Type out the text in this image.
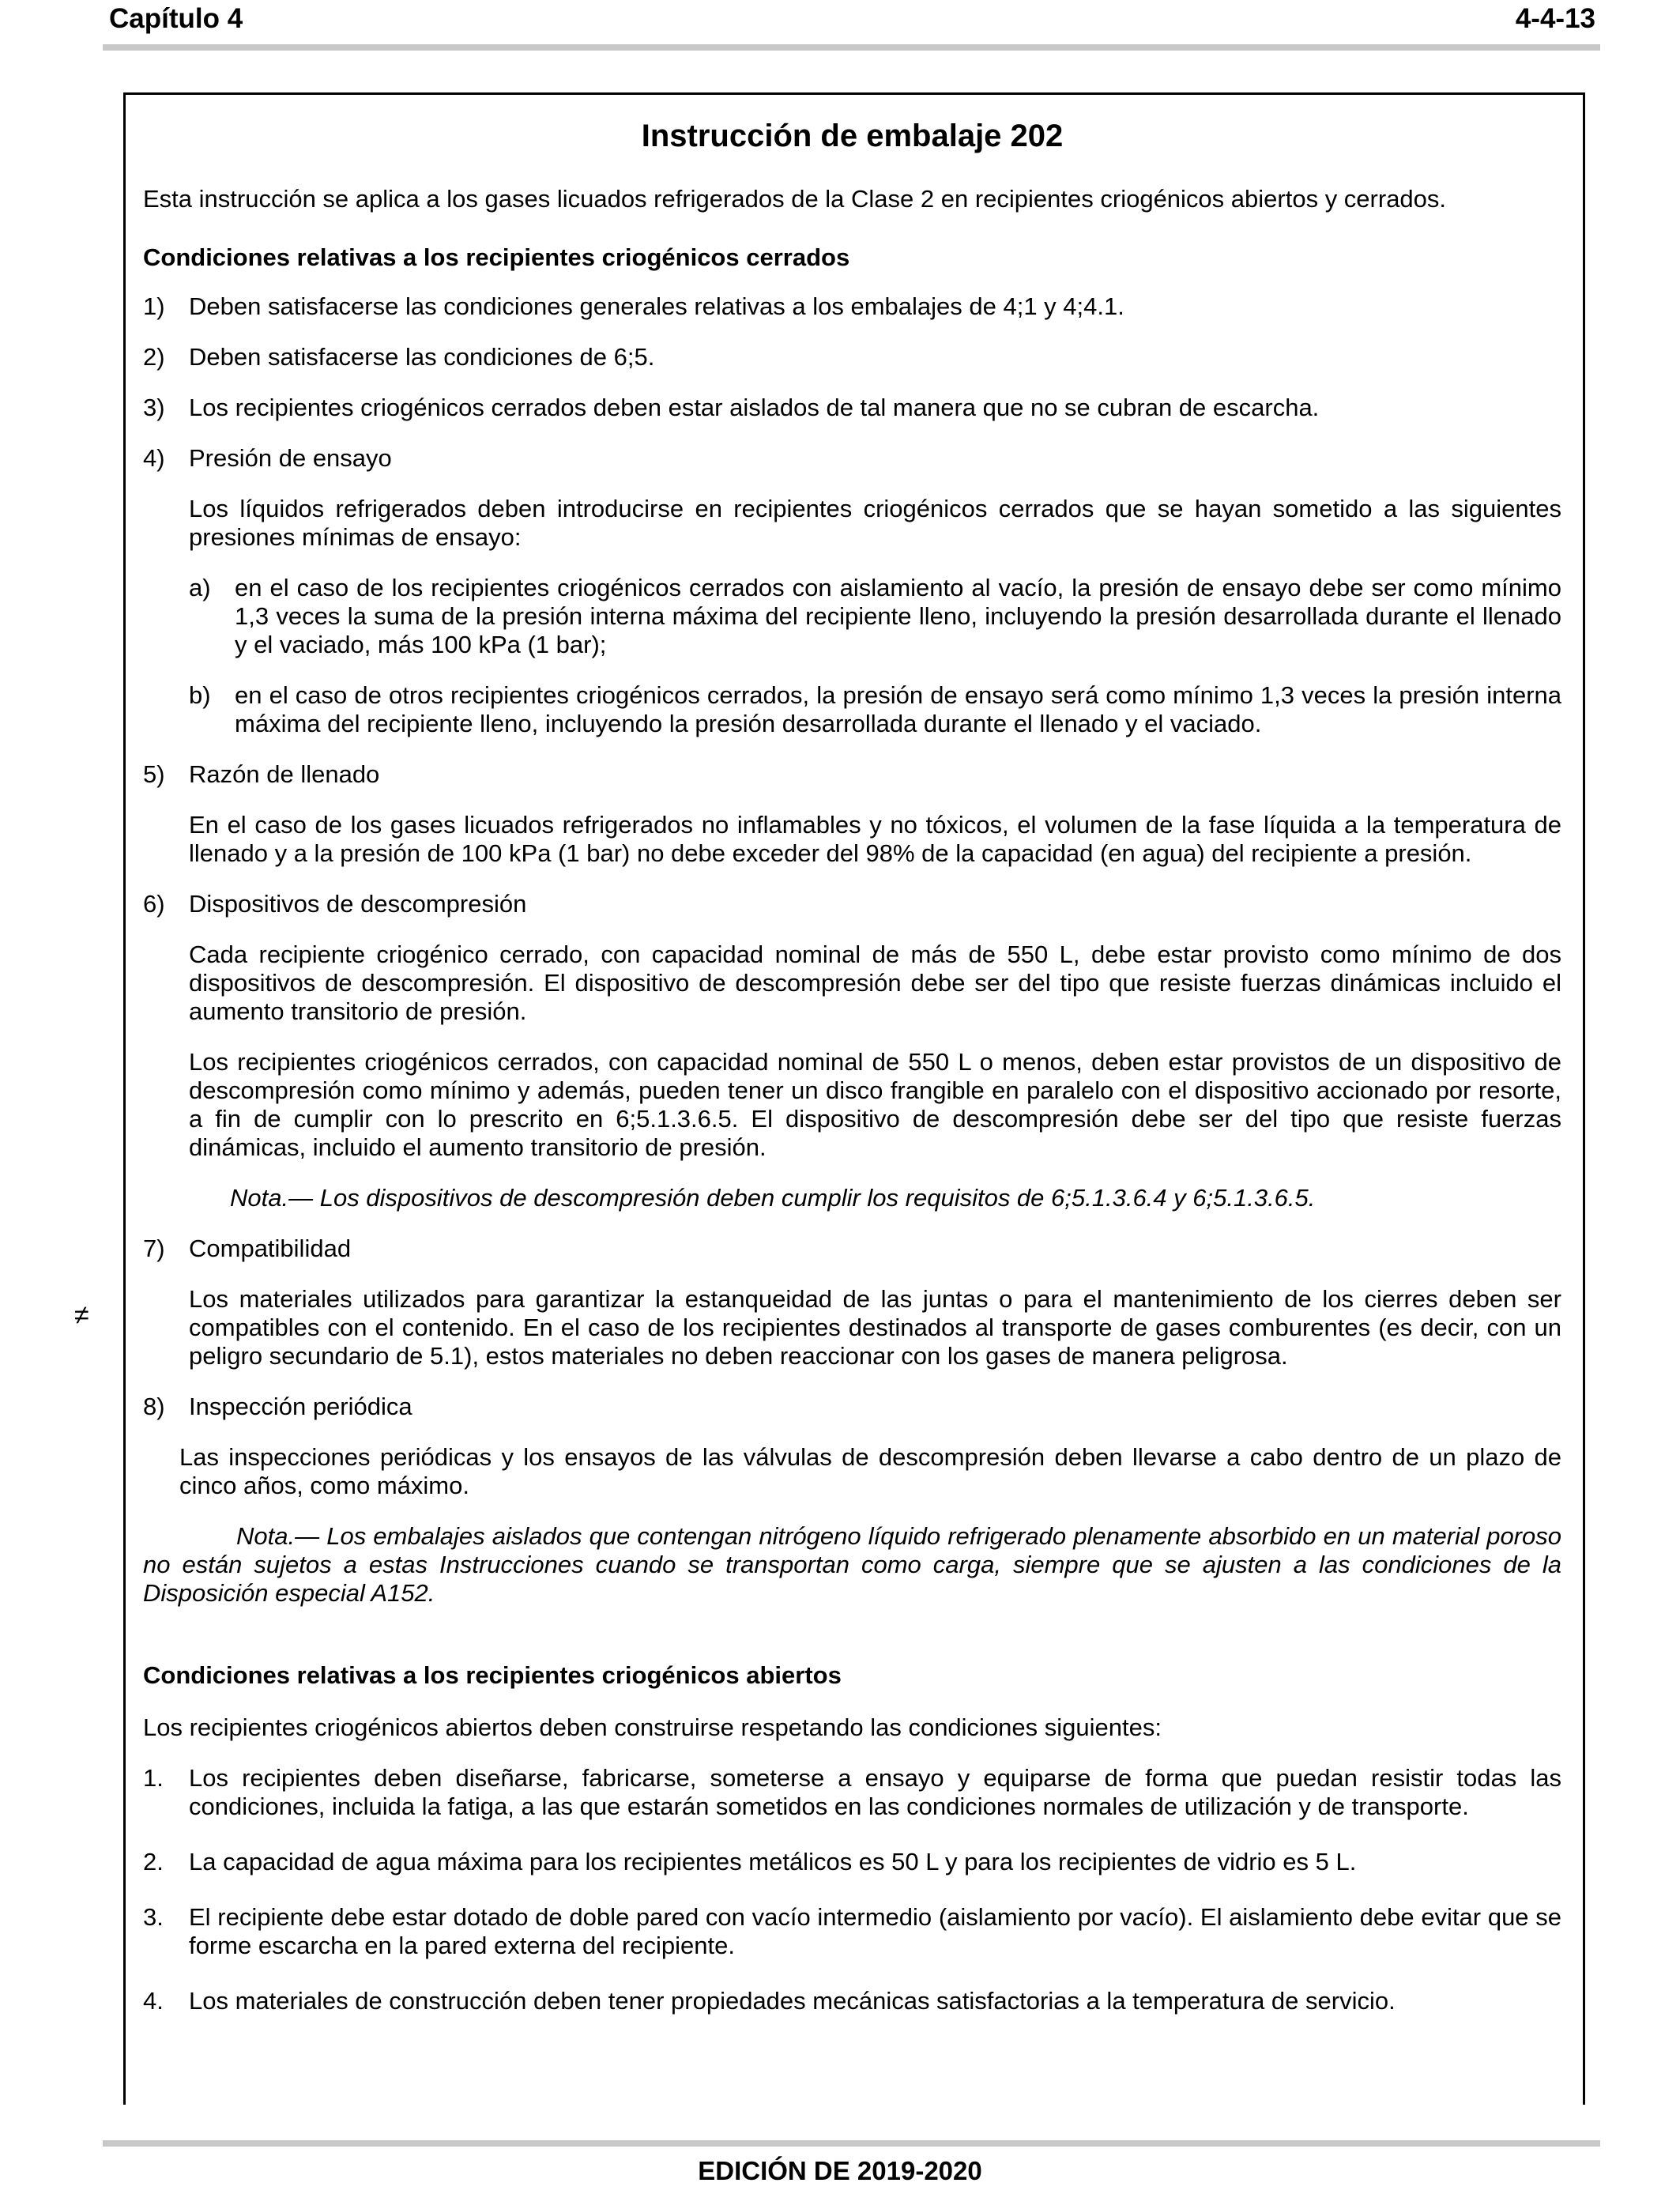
Capítulo 4	4-4-13
≠

Instrucción de embalaje 202

Esta instrucción se aplica a los gases licuados refrigerados de la Clase 2 en recipientes criogénicos abiertos y cerrados.

Condiciones relativas a los recipientes criogénicos cerrados

1) Deben satisfacerse las condiciones generales relativas a los embalajes de 4;1 y 4;4.1.
2) Deben satisfacerse las condiciones de 6;5.
3) Los recipientes criogénicos cerrados deben estar aislados de tal manera que no se cubran de escarcha.
4) Presión de ensayo

Los líquidos refrigerados deben introducirse en recipientes criogénicos cerrados que se hayan sometido a las siguientes presiones mínimas de ensayo:

a) en el caso de los recipientes criogénicos cerrados con aislamiento al vacío, la presión de ensayo debe ser como mínimo 1,3 veces la suma de la presión interna máxima del recipiente lleno, incluyendo la presión desarrollada durante el llenado y el vaciado, más 100 kPa (1 bar);
b) en el caso de otros recipientes criogénicos cerrados, la presión de ensayo será como mínimo 1,3 veces la presión interna máxima del recipiente lleno, incluyendo la presión desarrollada durante el llenado y el vaciado.
5) Razón de llenado

En el caso de los gases licuados refrigerados no inflamables y no tóxicos, el volumen de la fase líquida a la temperatura de llenado y a la presión de 100 kPa (1 bar) no debe exceder del 98% de la capacidad (en agua) del recipiente a presión.

6) Dispositivos de descompresión

Cada recipiente criogénico cerrado, con capacidad nominal de más de 550 L, debe estar provisto como mínimo de dos dispositivos de descompresión. El dispositivo de descompresión debe ser del tipo que resiste fuerzas dinámicas incluido el aumento transitorio de presión.

Los recipientes criogénicos cerrados, con capacidad nominal de 550 L o menos, deben estar provistos de un dispositivo de descompresión como mínimo y además, pueden tener un disco frangible en paralelo con el dispositivo accionado por resorte, a fin de cumplir con lo prescrito en 6;5.1.3.6.5. El dispositivo de descompresión debe ser del tipo que resiste fuerzas dinámicas, incluido el aumento transitorio de presión.

Nota.— Los dispositivos de descompresión deben cumplir los requisitos de 6;5.1.3.6.4 y 6;5.1.3.6.5.

7) Compatibilidad

Los materiales utilizados para garantizar la estanqueidad de las juntas o para el mantenimiento de los cierres deben ser compatibles con el contenido. En el caso de los recipientes destinados al transporte de gases comburentes (es decir, con un peligro secundario de 5.1), estos materiales no deben reaccionar con los gases de manera peligrosa.

8) Inspección periódica

Las inspecciones periódicas y los ensayos de las válvulas de descompresión deben llevarse a cabo dentro de un plazo de cinco años, como máximo.

Nota.— Los embalajes aislados que contengan nitrógeno líquido refrigerado plenamente absorbido en un material poroso no están sujetos a estas Instrucciones cuando se transportan como carga, siempre que se ajusten a las condiciones de la Disposición especial A152.

Condiciones relativas a los recipientes criogénicos abiertos

Los recipientes criogénicos abiertos deben construirse respetando las condiciones siguientes:

1.	Los recipientes deben diseñarse, fabricarse, someterse a ensayo y equiparse de forma que puedan resistir todas las condiciones, incluida la fatiga, a las que estarán sometidos en las condiciones normales de utilización y de transporte.
2.	La capacidad de agua máxima para los recipientes metálicos es 50 L y para los recipientes de vidrio es 5 L.
3.	El recipiente debe estar dotado de doble pared con vacío intermedio (aislamiento por vacío). El aislamiento debe evitar que se forme escarcha en la pared externa del recipiente.
4.	Los materiales de construcción deben tener propiedades mecánicas satisfactorias a la temperatura de servicio.
EDICIÓN DE 2019-2020
